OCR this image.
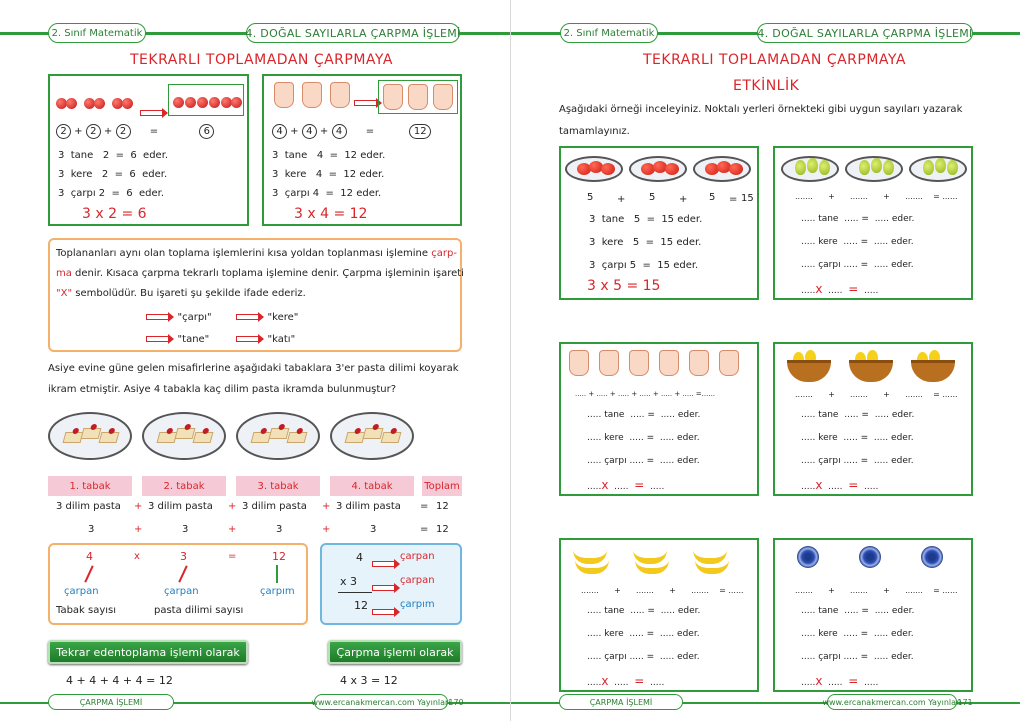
2. Sınıf Matematik	4. DOĞAL SAYILARLA ÇARPMA İŞLEMİ
TEKRARLI TOPLAMADAN ÇARPMAYA
2 + 2 + 2 =	6
3 tane 2 = 6 eder.
3 kere 2 = 6 eder.
3 çarpı 2 = 6 eder.
3 x 2 = 6
4 + 4 + 4 =	12
3 tane 4 = 12 eder.
3 kere 4 = 12 eder.
3 çarpı 4 = 12 eder.
3 x 4 = 12
Toplananları aynı olan toplama işlemlerini kısa yoldan toplanması işlemine çarp-
ma denir. Kısaca çarpma tekrarlı toplama işlemine denir. Çarpma işleminin işareti
"X" sembolüdür. Bu işareti şu şekilde ifade ederiz.
"çarpı"	"kere"
"tane"	"katı"
Asiye evine güne gelen misafirlerine aşağıdaki tabaklara 3'er pasta dilimi koyarak
ikram etmiştir. Asiye 4 tabakla kaç dilim pasta ikramda bulunmuştur?
1. tabak	2. tabak	3. tabak	4. tabak	Toplam
3 dilim pasta + 3 dilim pasta + 3 dilim pasta + 3 dilim pasta = 12
3	+	3	+	3	+	3	= 12
4	x	3	=	12
çarpan	çarpan	çarpım
Tabak sayısı	pasta dilimi sayısı
4	çarpan
x 3	çarpan
12	çarpım
Tekrar edentoplama işlemi olarak	Çarpma işlemi olarak
4 + 4 + 4 + 4 = 12	4 x 3 = 12
ÇARPMA İŞLEMİ	www.ercanakmercan.com Yayınları
170
2. Sınıf Matematik	4. DOĞAL SAYILARLA ÇARPMA İŞLEMİ
TEKRARLI TOPLAMADAN ÇARPMAYA
ETKİNLİK
Aşağıdaki örneği inceleyiniz. Noktalı yerleri örnekteki gibi uygun sayıları yazarak
tamamlayınız.
5 + 5 + 5 = 15
3 tane 5 = 15 eder.
3 kere 5 = 15 eder.
3 çarpı 5 = 15 eder.
3 x 5 = 15
....... + ....... + ....... = ......
..... tane ..... = ..... eder.
..... kere ..... = ..... eder.
..... çarpı ..... = ..... eder.
.....x ..... = .....
..... + ..... + ..... + ..... + ..... + ..... =......
..... tane ..... = ..... eder.
..... kere ..... = ..... eder.
..... çarpı ..... = ..... eder.
.....x ..... = .....
....... + ....... + ....... = ......
..... tane ..... = ..... eder.
..... kere ..... = ..... eder.
..... çarpı ..... = ..... eder.
.....x ..... = .....
....... + ....... + ....... = ......
..... tane ..... = ..... eder.
..... kere ..... = ..... eder.
..... çarpı ..... = ..... eder.
.....x ..... = .....
....... + ....... + ....... = ......
..... tane ..... = ..... eder.
..... kere ..... = ..... eder.
..... çarpı ..... = ..... eder.
.....x ..... = .....
ÇARPMA İŞLEMİ	www.ercanakmercan.com Yayınları
171
